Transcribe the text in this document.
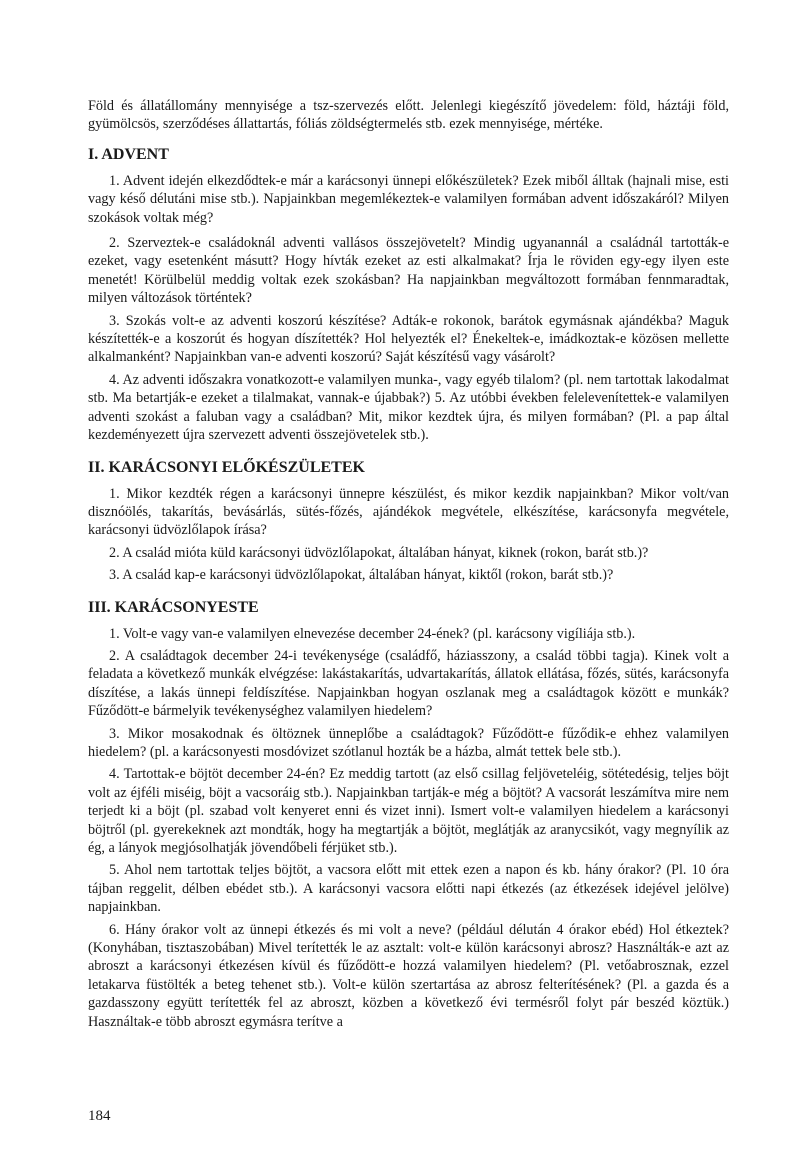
Föld és állatállomány mennyisége a tsz-szervezés előtt. Jelenlegi kiegészítő jövedelem: föld, háztáji föld, gyümölcsös, szerződéses állattartás, fóliás zöldségtermelés stb. ezek mennyisége, mértéke.

I. ADVENT

1. Advent idején elkezdődtek-e már a karácsonyi ünnepi előkészületek? Ezek miből álltak (hajnali mise, esti vagy késő délutáni mise stb.). Napjainkban megemlékeztek-e valamilyen formában advent időszakáról? Milyen szokások voltak még?

2. Szerveztek-e családoknál adventi vallásos összejövetelt? Mindig ugyanannál a családnál tartották-e ezeket, vagy esetenként másutt? Hogy hívták ezeket az esti alkalmakat? Írja le röviden egy-egy ilyen este menetét! Körülbelül meddig voltak ezek szokásban? Ha napjainkban megváltozott formában fennmaradtak, milyen változások történtek?

3. Szokás volt-e az adventi koszorú készítése? Adták-e rokonok, barátok egymásnak ajándékba? Maguk készítették-e a koszorút és hogyan díszítették? Hol helyezték el? Énekeltek-e, imádkoztak-e közösen mellette alkalmanként? Napjainkban van-e adventi koszorú? Saját készítésű vagy vásárolt?

4. Az adventi időszakra vonatkozott-e valamilyen munka-, vagy egyéb tilalom? (pl. nem tartottak lakodalmat stb. Ma betartják-e ezeket a tilalmakat, vannak-e újabbak?) 5. Az utóbbi években felelevenítettek-e valamilyen adventi szokást a faluban vagy a családban? Mit, mikor kezdtek újra, és milyen formában? (Pl. a pap által kezdeményezett újra szervezett adventi összejövetelek stb.).

II. KARÁCSONYI ELŐKÉSZÜLETEK

1. Mikor kezdték régen a karácsonyi ünnepre készülést, és mikor kezdik napjainkban? Mikor volt/van disznóölés, takarítás, bevásárlás, sütés-főzés, ajándékok megvétele, elkészítése, karácsonyfa megvétele, karácsonyi üdvözlőlapok írása?

2. A család mióta küld karácsonyi üdvözlőlapokat, általában hányat, kiknek (rokon, barát stb.)?

3. A család kap-e karácsonyi üdvözlőlapokat, általában hányat, kiktől (rokon, barát stb.)?

III. KARÁCSONYESTE

1. Volt-e vagy van-e valamilyen elnevezése december 24-ének? (pl. karácsony vigíliája stb.).

2. A családtagok december 24-i tevékenysége (családfő, háziasszony, a család többi tagja). Kinek volt a feladata a következő munkák elvégzése: lakástakarítás, udvartakarítás, állatok ellátása, főzés, sütés, karácsonyfa díszítése, a lakás ünnepi feldíszítése. Napjainkban hogyan oszlanak meg a családtagok között e munkák? Fűződött-e bármelyik tevékenységhez valamilyen hiedelem?

3. Mikor mosakodnak és öltöznek ünneplőbe a családtagok? Fűződött-e fűződik-e ehhez valamilyen hiedelem? (pl. a karácsonyesti mosdóvizet szótlanul hozták be a házba, almát tettek bele stb.).

4. Tartottak-e böjtöt december 24-én? Ez meddig tartott (az első csillag feljöveteléig, sötétedésig, teljes böjt volt az éjféli miséig, böjt a vacsoráig stb.). Napjainkban tartják-e még a böjtöt? A vacsorát leszámítva mire nem terjedt ki a böjt (pl. szabad volt kenyeret enni és vizet inni). Ismert volt-e valamilyen hiedelem a karácsonyi böjtről (pl. gyerekeknek azt mondták, hogy ha megtartják a böjtöt, meglátják az aranycsikót, vagy megnyílik az ég, a lányok megjósolhatják jövendőbeli férjüket stb.).

5. Ahol nem tartottak teljes böjtöt, a vacsora előtt mit ettek ezen a napon és kb. hány órakor? (Pl. 10 óra tájban reggelit, délben ebédet stb.). A karácsonyi vacsora előtti napi étkezés (az étkezések idejével jelölve) napjainkban.

6. Hány órakor volt az ünnepi étkezés és mi volt a neve? (például délután 4 órakor ebéd) Hol étkeztek? (Konyhában, tisztaszobában) Mivel terítették le az asztalt: volt-e külön karácsonyi abrosz? Használták-e azt az abroszt a karácsonyi étkezésen kívül és fűződött-e hozzá valamilyen hiedelem? (Pl. vetőabrosznak, ezzel letakarva füstölték a beteg tehenet stb.). Volt-e külön szertartása az abrosz felterítésének? (Pl. a gazda és a gazdasszony együtt terítették fel az abroszt, közben a következő évi termésről folyt pár beszéd köztük.) Használtak-e több abroszt egymásra terítve a

184
